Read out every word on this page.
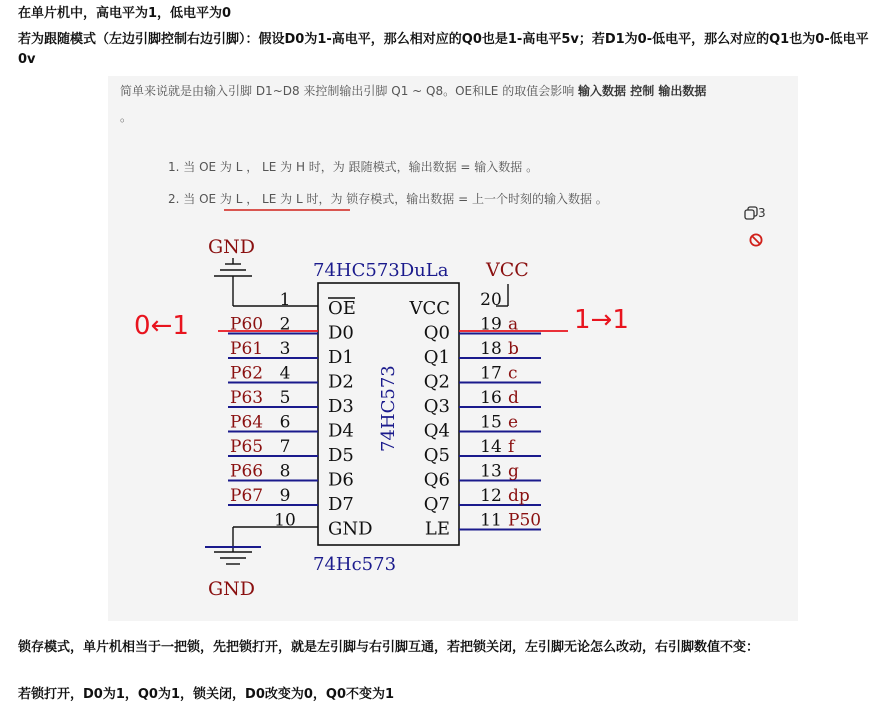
在单片机中，高电平为1，低电平为0

若为跟随模式（左边引脚控制右边引脚）：假设D0为1-高电平，那么相对应的Q0也是1-高电平5v；若D1为0-低电平，那么对应的Q1也为0-低电平0v

简单来说就是由输入引脚 D1~D8 来控制输出引脚 Q1 ~ Q8。OE和LE 的取值会影响 输入数据 控制 输出数据
。
1. 当 OE 为 L ， LE 为 H 时，为 跟随模式，输出数据 = 输入数据 。
2. 当 OE 为 L ， LE 为 L 时，为 锁存模式，输出数据 = 上一个时刻的输入数据 。
3
GND
74HC573DuLa VCC
74HC573
1 OE
P60 2 D0
P61 3 D1
P62 4 D2
P63 5 D3
P64 6 D4
P65 7 D5
P66 8 D6
P67 9 D7
10 GND
20
VCC
a
19
Q0
b
18
Q1
c
17
Q2
d
16
Q3
e
15
Q4
f
14
Q5
g
13
Q6
dp
12
Q7
P50
11
LE
GND
74Hc573
0←1	1→1

锁存模式，单片机相当于一把锁，先把锁打开，就是左引脚与右引脚互通，若把锁关闭，左引脚无论怎么改动，右引脚数值不变：

若锁打开，D0为1，Q0为1，锁关闭，D0改变为0，Q0不变为1
